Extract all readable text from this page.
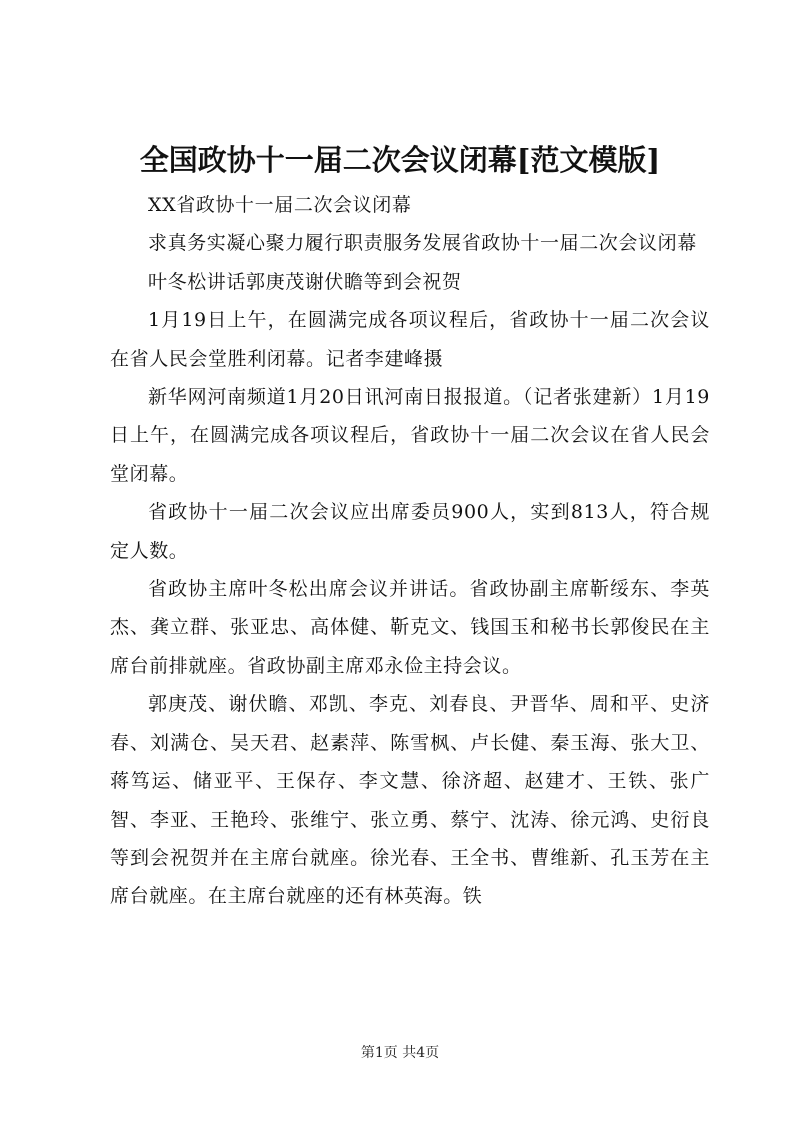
全国政协十一届二次会议闭幕[范文模版]

XX省政协十一届二次会议闭幕

求真务实凝心聚力履行职责服务发展省政协十一届二次会议闭幕

叶冬松讲话郭庚茂谢伏瞻等到会祝贺

1月19日上午，在圆满完成各项议程后，省政协十一届二次会议在省人民会堂胜利闭幕。记者李建峰摄

新华网河南频道1月20日讯河南日报报道。（记者张建新）1月19日上午，在圆满完成各项议程后，省政协十一届二次会议在省人民会堂闭幕。

省政协十一届二次会议应出席委员900人，实到813人，符合规定人数。

省政协主席叶冬松出席会议并讲话。省政协副主席靳绥东、李英杰、龚立群、张亚忠、高体健、靳克文、钱国玉和秘书长郭俊民在主席台前排就座。省政协副主席邓永俭主持会议。

郭庚茂、谢伏瞻、邓凯、李克、刘春良、尹晋华、周和平、史济春、刘满仓、吴天君、赵素萍、陈雪枫、卢长健、秦玉海、张大卫、蒋笃运、储亚平、王保存、李文慧、徐济超、赵建才、王铁、张广智、李亚、王艳玲、张维宁、张立勇、蔡宁、沈涛、徐元鸿、史衍良等到会祝贺并在主席台就座。徐光春、王全书、曹维新、孔玉芳在主席台就座。在主席台就座的还有林英海。铁

第1页 共4页
